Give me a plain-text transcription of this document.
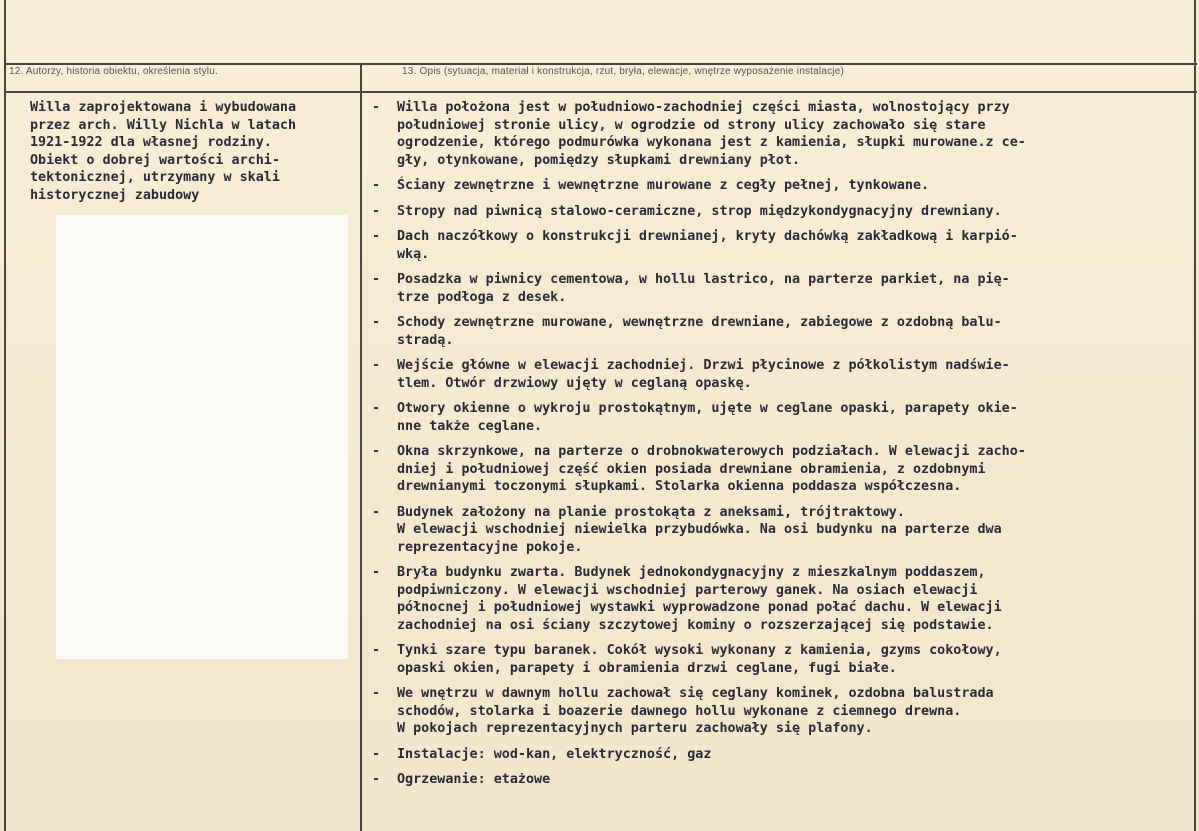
12. Autorzy, historia obiektu, określenia stylu.	13. Opis (sytuacja, materiał i konstrukcja, rzut, bryła, elewacje, wnętrze wyposażenie instalacje)
Willa zaprojektowana i wybudowana
przez arch. Willy Nichla w latach
1921-1922 dla własnej rodziny.
Obiekt o dobrej wartości archi-
tektonicznej, utrzymany w skali
historycznej zabudowy
- Willa położona jest w południowo-zachodniej części miasta, wolnostojący przy
południowej stronie ulicy, w ogrodzie od strony ulicy zachowało się stare
ogrodzenie, którego podmurówka wykonana jest z kamienia, słupki murowane.z ce-
gły, otynkowane, pomiędzy słupkami drewniany płot.
- Ściany zewnętrzne i wewnętrzne murowane z cegły pełnej, tynkowane.
- Stropy nad piwnicą stalowo-ceramiczne, strop międzykondygnacyjny drewniany.
- Dach naczółkowy o konstrukcji drewnianej, kryty dachówką zakładkową i karpió-
wką.
- Posadzka w piwnicy cementowa, w hollu lastrico, na parterze parkiet, na pię-
trze podłoga z desek.
- Schody zewnętrzne murowane, wewnętrzne drewniane, zabiegowe z ozdobną balu-
stradą.
- Wejście główne w elewacji zachodniej. Drzwi płycinowe z półkolistym nadświe-
tlem. Otwór drzwiowy ujęty w ceglaną opaskę.
- Otwory okienne o wykroju prostokątnym, ujęte w ceglane opaski, parapety okie-
nne także ceglane.
- Okna skrzynkowe, na parterze o drobnokwaterowych podziałach. W elewacji zacho-
dniej i południowej część okien posiada drewniane obramienia, z ozdobnymi
drewnianymi toczonymi słupkami. Stolarka okienna poddasza współczesna.
- Budynek założony na planie prostokąta z aneksami, trójtraktowy.
W elewacji wschodniej niewielka przybudówka. Na osi budynku na parterze dwa
reprezentacyjne pokoje.
- Bryła budynku zwarta. Budynek jednokondygnacyjny z mieszkalnym poddaszem,
podpiwniczony. W elewacji wschodniej parterowy ganek. Na osiach elewacji
północnej i południowej wystawki wyprowadzone ponad połać dachu. W elewacji
zachodniej na osi ściany szczytowej kominy o rozszerzającej się podstawie.
- Tynki szare typu baranek. Cokół wysoki wykonany z kamienia, gzyms cokołowy,
opaski okien, parapety i obramienia drzwi ceglane, fugi białe.
- We wnętrzu w dawnym hollu zachował się ceglany kominek, ozdobna balustrada
schodów, stolarka i boazerie dawnego hollu wykonane z ciemnego drewna.
W pokojach reprezentacyjnych parteru zachowały się plafony.
- Instalacje: wod-kan, elektryczność, gaz
- Ogrzewanie: etażowe
